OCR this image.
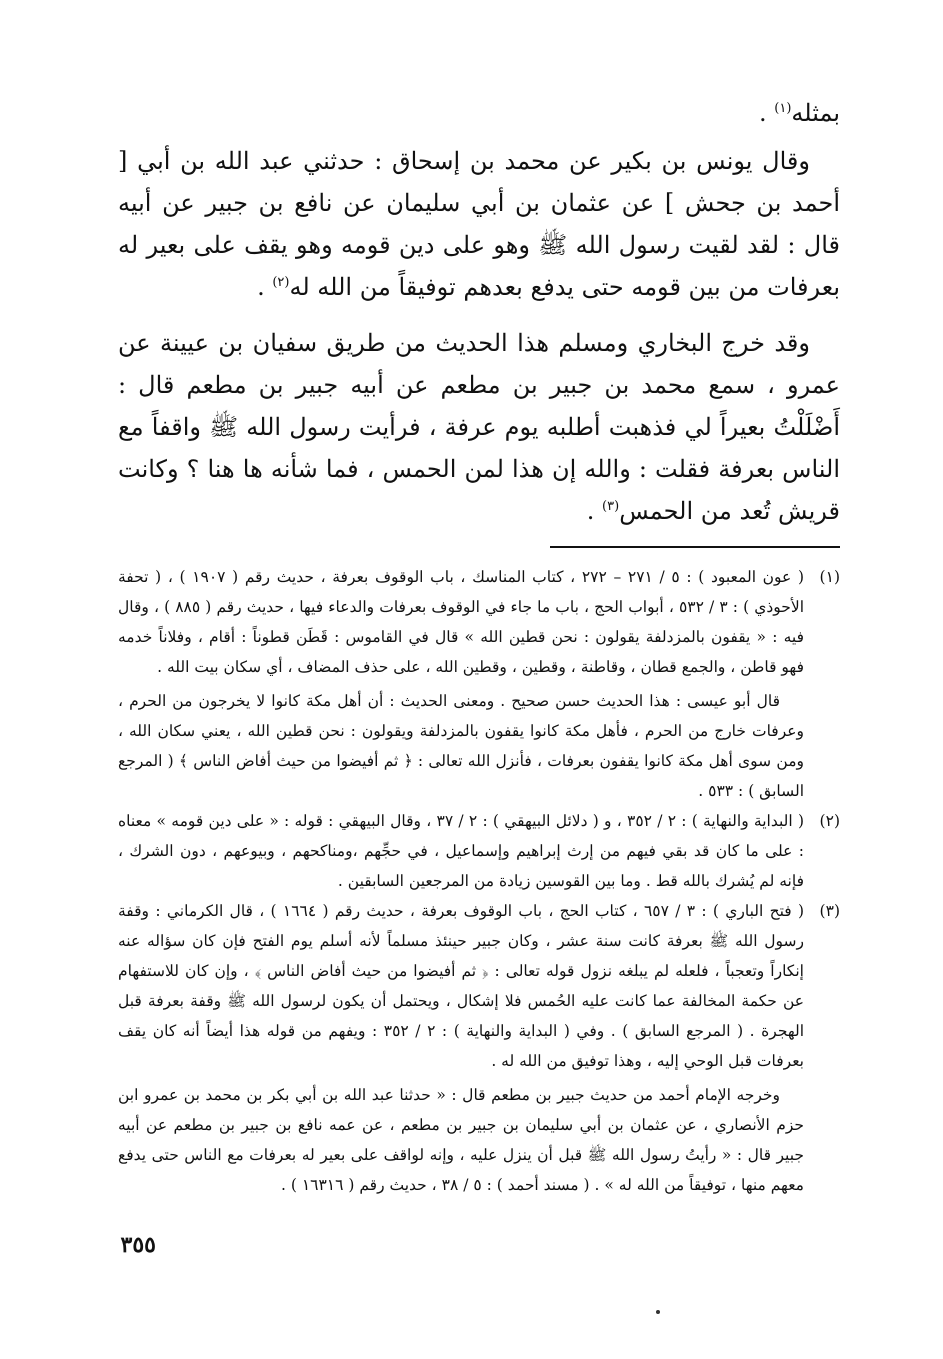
بمثله$^{(١)}$ .

وقال يونس بن بكير عن محمد بن إسحاق : حدثني عبد الله بن أبي [ أحمد بن جحش ] عن عثمان بن أبي سليمان عن نافع بن جبير عن أبيه قال : لقد لقيت رسول الله ﷺ وهو على دين قومه وهو يقف على بعير له بعرفات من بين قومه حتى يدفع بعدهم توفيقاً من الله له$^{(٢)}$ .

وقد خرج البخاري ومسلم هذا الحديث من طريق سفيان بن عيينة عن عمرو ، سمع محمد بن جبير بن مطعم عن أبيه جبير بن مطعم قال : أَضْلَلْتُ بعيراً لي فذهبت أطلبه يوم عرفة ، فرأيت رسول الله ﷺ واقفاً مع الناس بعرفة فقلت : والله إن هذا لمن الحمس ، فما شأنه ها هنا ؟ وكانت قريش تُعد من الحمس$^{(٣)}$ .

(١)

( عون المعبود ) : ٥ / ٢٧١ – ٢٧٢ ، كتاب المناسك ، باب الوقوف بعرفة ، حديث رقم ( ١٩٠٧ ) ، ( تحفة الأحوذي ) : ٣ / ٥٣٢ ، أبواب الحج ، باب ما جاء في الوقوف بعرفات والدعاء فيها ، حديث رقم ( ٨٨٥ ) ، وقال فيه : « يقفون بالمزدلفة يقولون : نحن قطين الله » قال في القاموس : قَطَن قطوناً : أقام ، وفلاناً خدمه فهو قاطن ، والجمع قطان ، وقاطنة ، وقطين ، وقطين الله ، على حذف المضاف ، أي سكان بيت الله .

قال أبو عيسى : هذا الحديث حسن صحيح . ومعنى الحديث : أن أهل مكة كانوا لا يخرجون من الحرم ، وعرفات خارج من الحرم ، فأهل مكة كانوا يقفون بالمزدلفة ويقولون : نحن قطين الله ، يعني سكان الله ، ومن سوى أهل مكة كانوا يقفون بعرفات ، فأنزل الله تعالى : ﴿ ثم أفيضوا من حيث أفاض الناس ﴾ ( المرجع السابق ) : ٥٣٣ .

(٢)

( البداية والنهاية ) : ٢ / ٣٥٢ ، و ( دلائل البيهقي ) : ٢ / ٣٧ ، وقال البيهقي : قوله : « على دين قومه » معناه : على ما كان قد بقي فيهم من إرث إبراهيم وإسماعيل ، في حجِّهم ،ومناكحهم ، وبيوعهم ، دون الشرك ، فإنه لم يُشرك بالله قط . وما بين القوسين زيادة من المرجعين السابقين .

(٣)

( فتح الباري ) : ٣ / ٦٥٧ ، كتاب الحج ، باب الوقوف بعرفة ، حديث رقم ( ١٦٦٤ ) ، قال الكرماني : وقفة رسول الله ﷺ بعرفة كانت سنة عشر ، وكان جبير حينئذ مسلماً لأنه أسلم يوم الفتح فإن كان سؤاله عنه إنكاراً وتعجباً ، فلعله لم يبلغه نزول قوله تعالى : ﴿ ثم أفيضوا من حيث أفاض الناس ﴾ ، وإن كان للاستفهام عن حكمة المخالفة عما كانت عليه الحُمس فلا إشكال ، ويحتمل أن يكون لرسول الله ﷺ وقفة بعرفة قبل الهجرة . ( المرجع السابق ) . وفي ( البداية والنهاية ) : ٢ / ٣٥٢ : ويفهم من قوله هذا أيضاً أنه كان يقف بعرفات قبل الوحي إليه ، وهذا توفيق من الله له .

وخرجه الإمام أحمد من حديث جبير بن مطعم قال : « حدثنا عبد الله بن أبي بكر بن محمد بن عمرو ابن حزم الأنصاري ، عن عثمان بن أبي سليمان بن جبير بن مطعم ، عن عمه نافع بن جبير بن مطعم عن أبيه جبير قال : « رأيتُ رسول الله ﷺ قبل أن ينزل عليه ، وإنه لواقف على بعير له بعرفات مع الناس حتى يدفع معهم منها ، توفيقاً من الله له » . ( مسند أحمد ) : ٥ / ٣٨ ، حديث رقم ( ١٦٣١٦ ) .

٣٥٥
